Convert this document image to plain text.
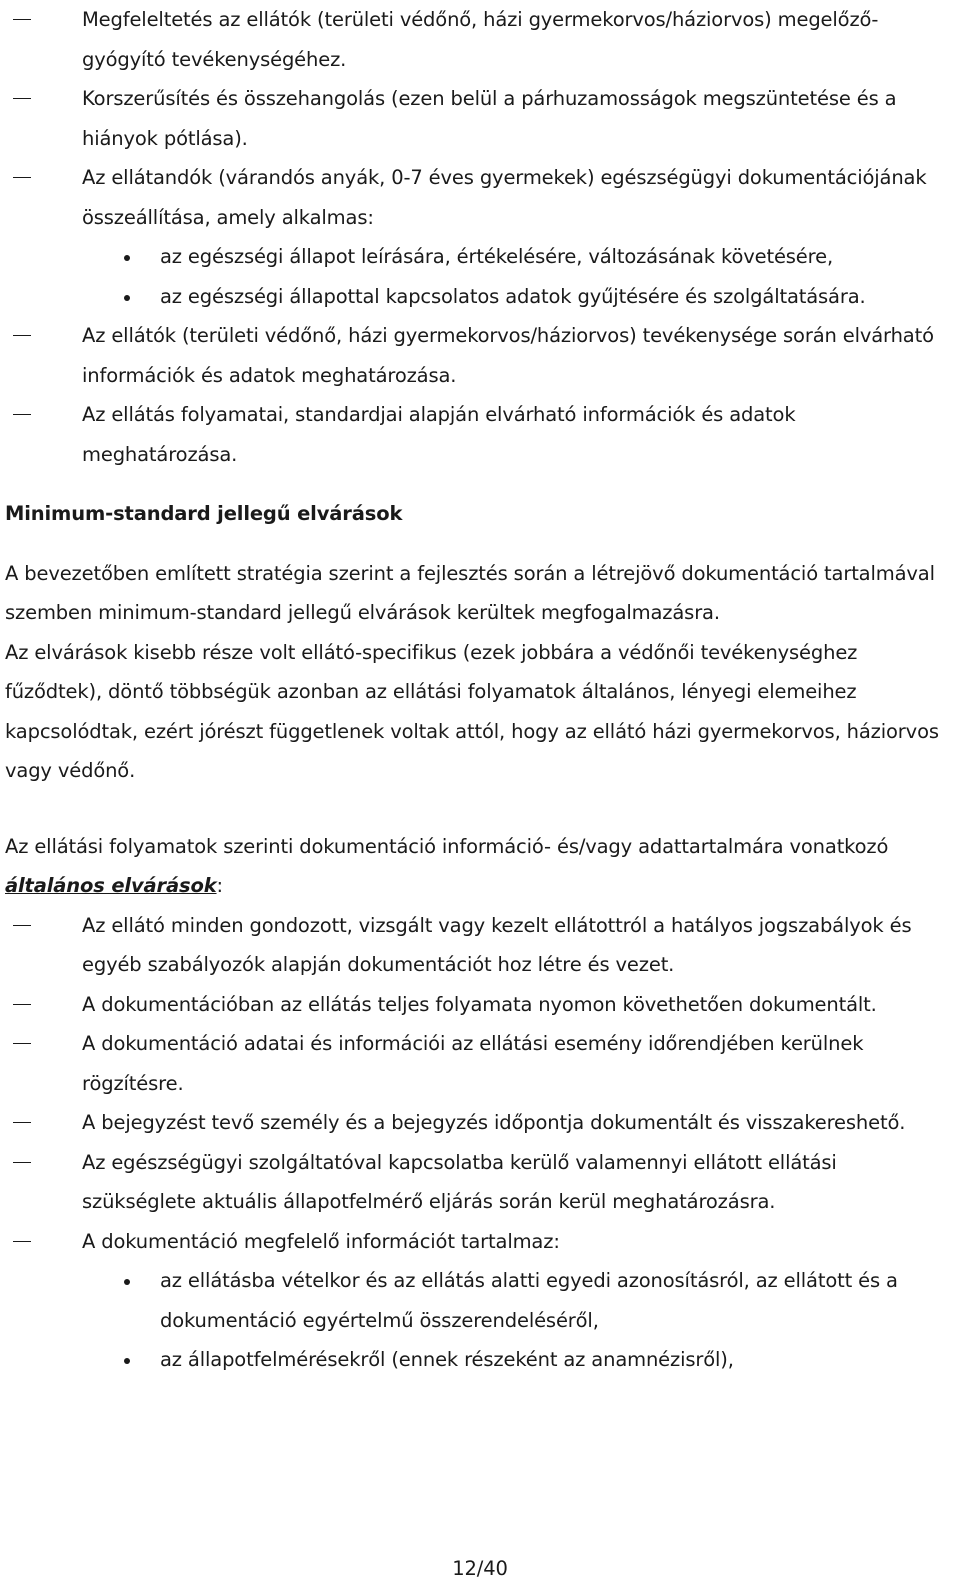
Megfeleltetés az ellátók (területi védőnő, házi gyermekorvos/háziorvos) megelőző-gyógyító tevékenységéhez.
Korszerűsítés és összehangolás (ezen belül a párhuzamosságok megszüntetése és a hiányok pótlása).
Az ellátandók (várandós anyák, 0-7 éves gyermekek) egészségügyi dokumentációjának összeállítása, amely alkalmas:
az egészségi állapot leírására, értékelésére, változásának követésére,
az egészségi állapottal kapcsolatos adatok gyűjtésére és szolgáltatására.
Az ellátók (területi védőnő, házi gyermekorvos/háziorvos) tevékenysége során elvárható információk és adatok meghatározása.
Az ellátás folyamatai, standardjai alapján elvárható információk és adatok meghatározása.
Minimum-standard jellegű elvárások
A bevezetőben említett stratégia szerint a fejlesztés során a létrejövő dokumentáció tartalmával szemben minimum-standard jellegű elvárások kerültek megfogalmazásra.
Az elvárások kisebb része volt ellátó-specifikus (ezek jobbára a védőnői tevékenységhez fűződtek), döntő többségük azonban az ellátási folyamatok általános, lényegi elemeihez kapcsolódtak, ezért jórészt függetlenek voltak attól, hogy az ellátó házi gyermekorvos, háziorvos vagy védőnő.
Az ellátási folyamatok szerinti dokumentáció információ- és/vagy adattartalmára vonatkozó általános elvárások:
Az ellátó minden gondozott, vizsgált vagy kezelt ellátottról a hatályos jogszabályok és egyéb szabályozók alapján dokumentációt hoz létre és vezet.
A dokumentációban az ellátás teljes folyamata nyomon követhetően dokumentált.
A dokumentáció adatai és információi az ellátási esemény időrendjében kerülnek rögzítésre.
A bejegyzést tevő személy és a bejegyzés időpontja dokumentált és visszakereshető.
Az egészségügyi szolgáltatóval kapcsolatba kerülő valamennyi ellátott ellátási szükséglete aktuális állapotfelmérő eljárás során kerül meghatározásra.
A dokumentáció megfelelő információt tartalmaz:
az ellátásba vételkor és az ellátás alatti egyedi azonosításról, az ellátott és a dokumentáció egyértelmű összerendeléséről,
az állapotfelmérésekről (ennek részeként az anamnézisről),
12/40
